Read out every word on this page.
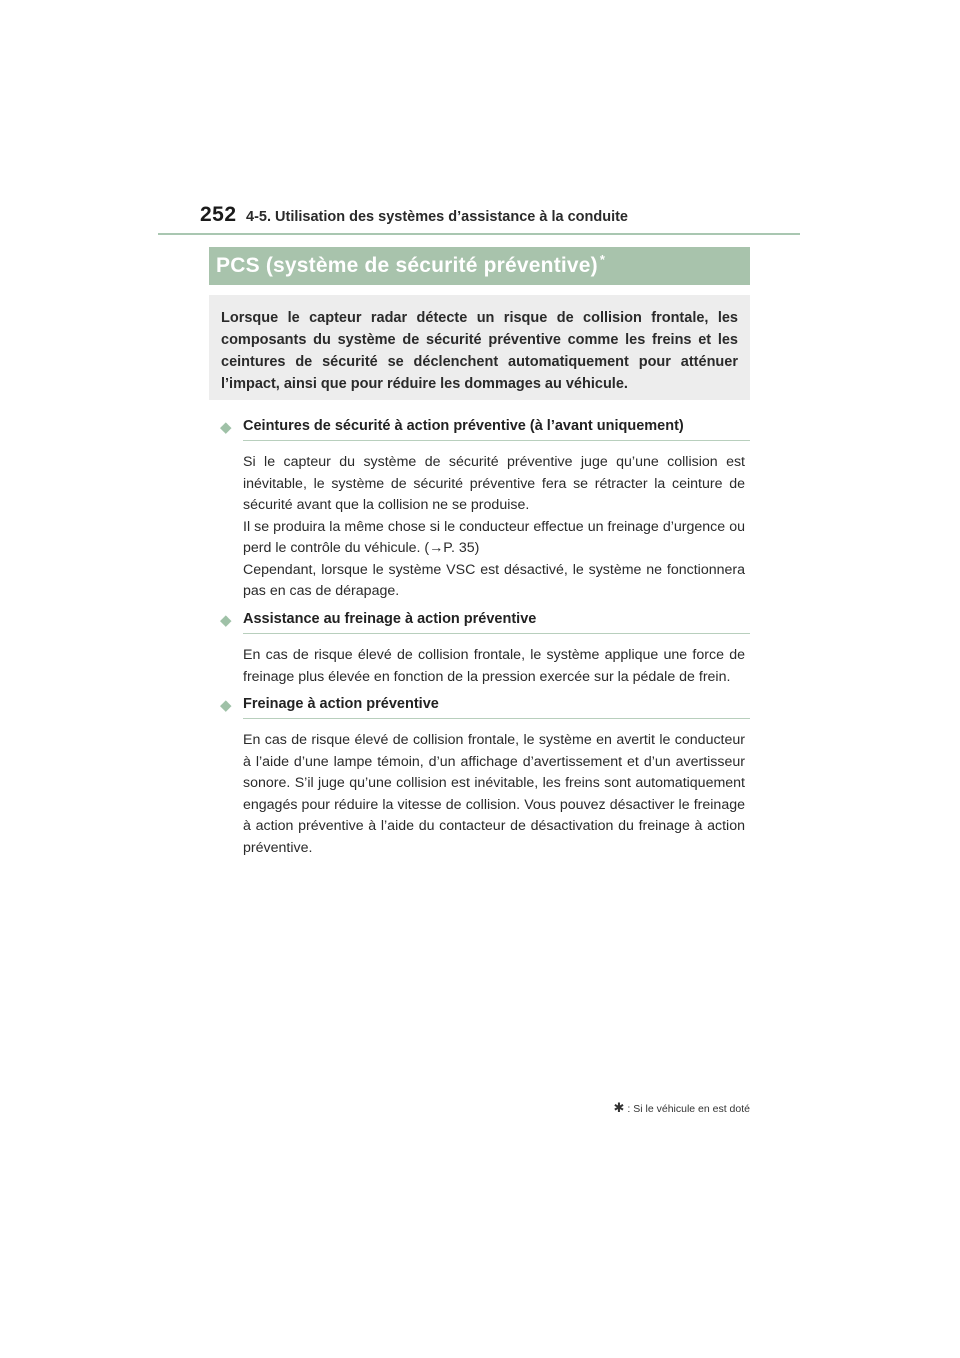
252 4-5. Utilisation des systèmes d’assistance à la conduite
PCS (système de sécurité préventive) *
Lorsque le capteur radar détecte un risque de collision frontale, les composants du système de sécurité préventive comme les freins et les ceintures de sécurité se déclenchent automatiquement pour atténuer l’impact, ainsi que pour réduire les dommages au véhicule.
◆ Ceintures de sécurité à action préventive (à l’avant uniquement)

Si le capteur du système de sécurité préventive juge qu’une collision est inévitable, le système de sécurité préventive fera se rétracter la ceinture de sécurité avant que la collision ne se produise.

Il se produira la même chose si le conducteur effectue un freinage d’urgence ou perd le contrôle du véhicule. (→P. 35)

Cependant, lorsque le système VSC est désactivé, le système ne fonctionnera pas en cas de dérapage.

◆ Assistance au freinage à action préventive

En cas de risque élevé de collision frontale, le système applique une force de freinage plus élevée en fonction de la pression exercée sur la pédale de frein.

◆ Freinage à action préventive

En cas de risque élevé de collision frontale, le système en avertit le conducteur à l’aide d’une lampe témoin, d’un affichage d’avertissement et d’un avertisseur sonore. S’il juge qu’une collision est inévitable, les freins sont automatiquement engagés pour réduire la vitesse de collision. Vous pouvez désactiver le freinage à action préventive à l’aide du contacteur de désactivation du freinage à action préventive.

✱ : Si le véhicule en est doté
